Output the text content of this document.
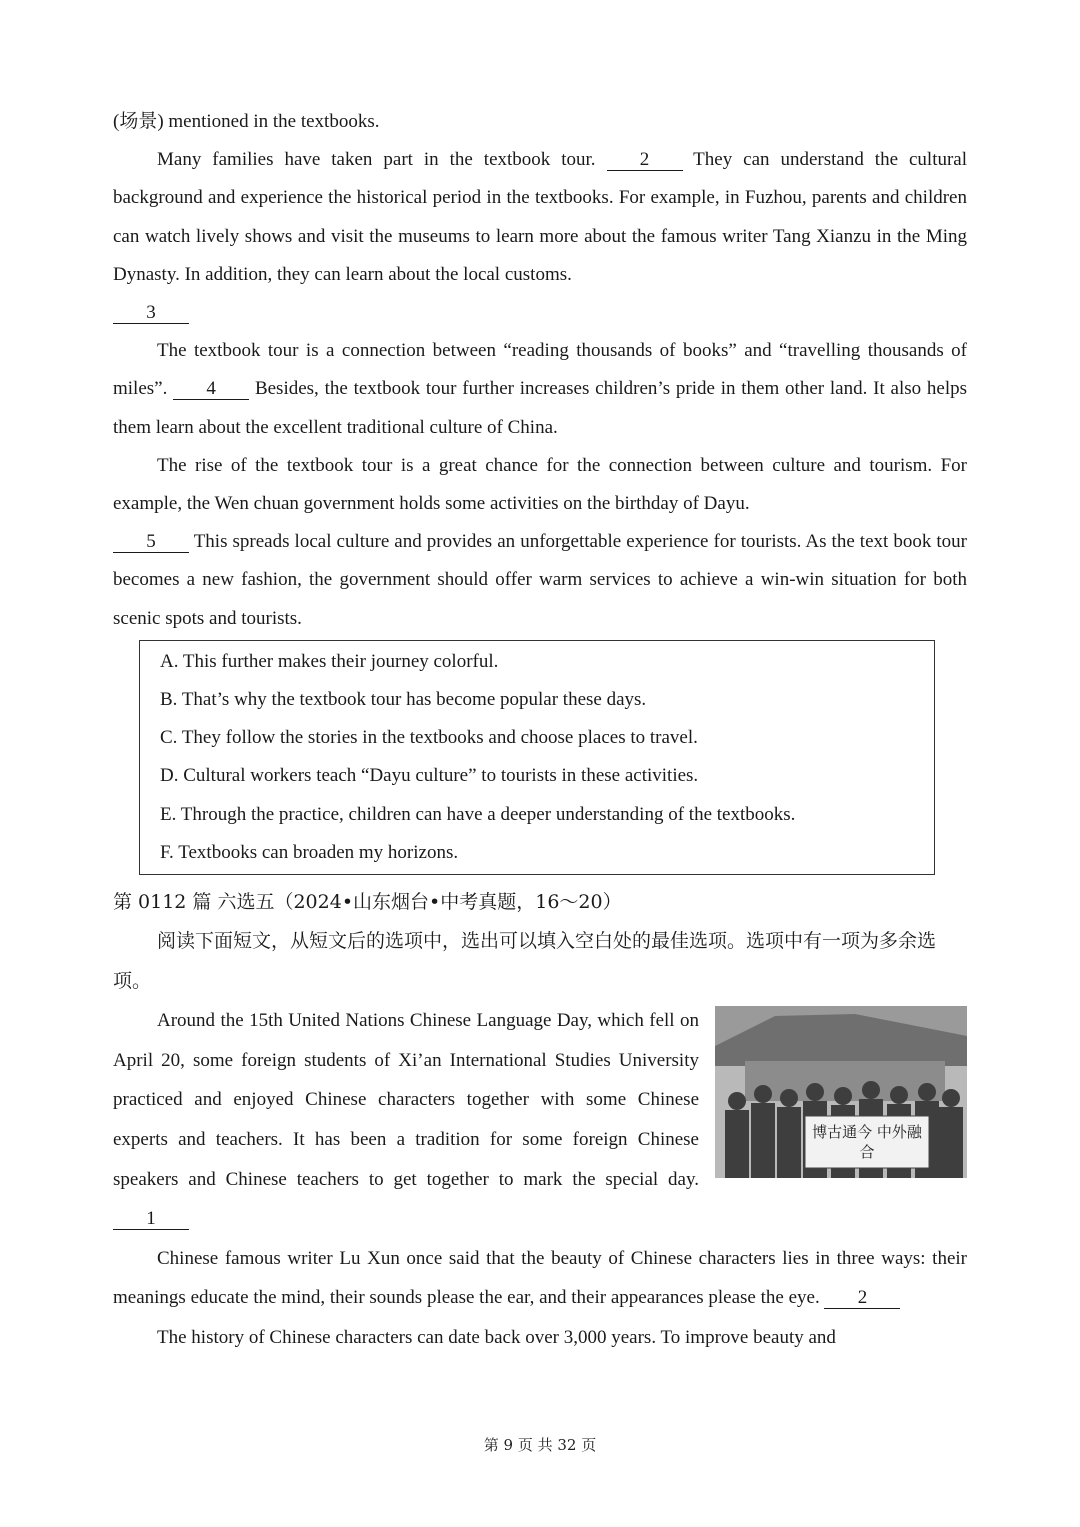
(场景) mentioned in the textbooks.

Many families have taken part in the textbook tour. 2 They can understand the cultural background and experience the historical period in the textbooks. For example, in Fuzhou, parents and children can watch lively shows and visit the museums to learn more about the famous writer Tang Xianzu in the Ming Dynasty. In addition, they can learn about the local customs.
3

The textbook tour is a connection between “reading thousands of books” and “travelling thousands of miles”. 4 Besides, the textbook tour further increases children’s pride in them other land. It also helps them learn about the excellent traditional culture of China.

The rise of the textbook tour is a great chance for the connection between culture and tourism. For example, the Wen chuan government holds some activities on the birthday of Dayu.
5 This spreads local culture and provides an unforgettable experience for tourists. As the text book tour becomes a new fashion, the government should offer warm services to achieve a win-win situation for both scenic spots and tourists.

A. This further makes their journey colorful.

B. That’s why the textbook tour has become popular these days.

C. They follow the stories in the textbooks and choose places to travel.

D. Cultural workers teach “Dayu culture” to tourists in these activities.

E. Through the practice, children can have a deeper understanding of the textbooks.

F. Textbooks can broaden my horizons.

第 0112 篇 六选五（2024•山东烟台•中考真题，16～20）

阅读下面短文，从短文后的选项中，选出可以填入空白处的最佳选项。选项中有一项为多余选项。

博古通今 中外融合

Around the 15th United Nations Chinese Language Day, which fell on April 20, some foreign students of Xi’an International Studies University practiced and enjoyed Chinese characters together with some Chinese experts and teachers. It has been a tradition for some foreign Chinese speakers and Chinese teachers to get together to mark the special day. 1

Chinese famous writer Lu Xun once said that the beauty of Chinese characters lies in three ways: their meanings educate the mind, their sounds please the ear, and their appearances please the eye. 2

The history of Chinese characters can date back over 3,000 years. To improve beauty and

第 9 页 共 32 页
